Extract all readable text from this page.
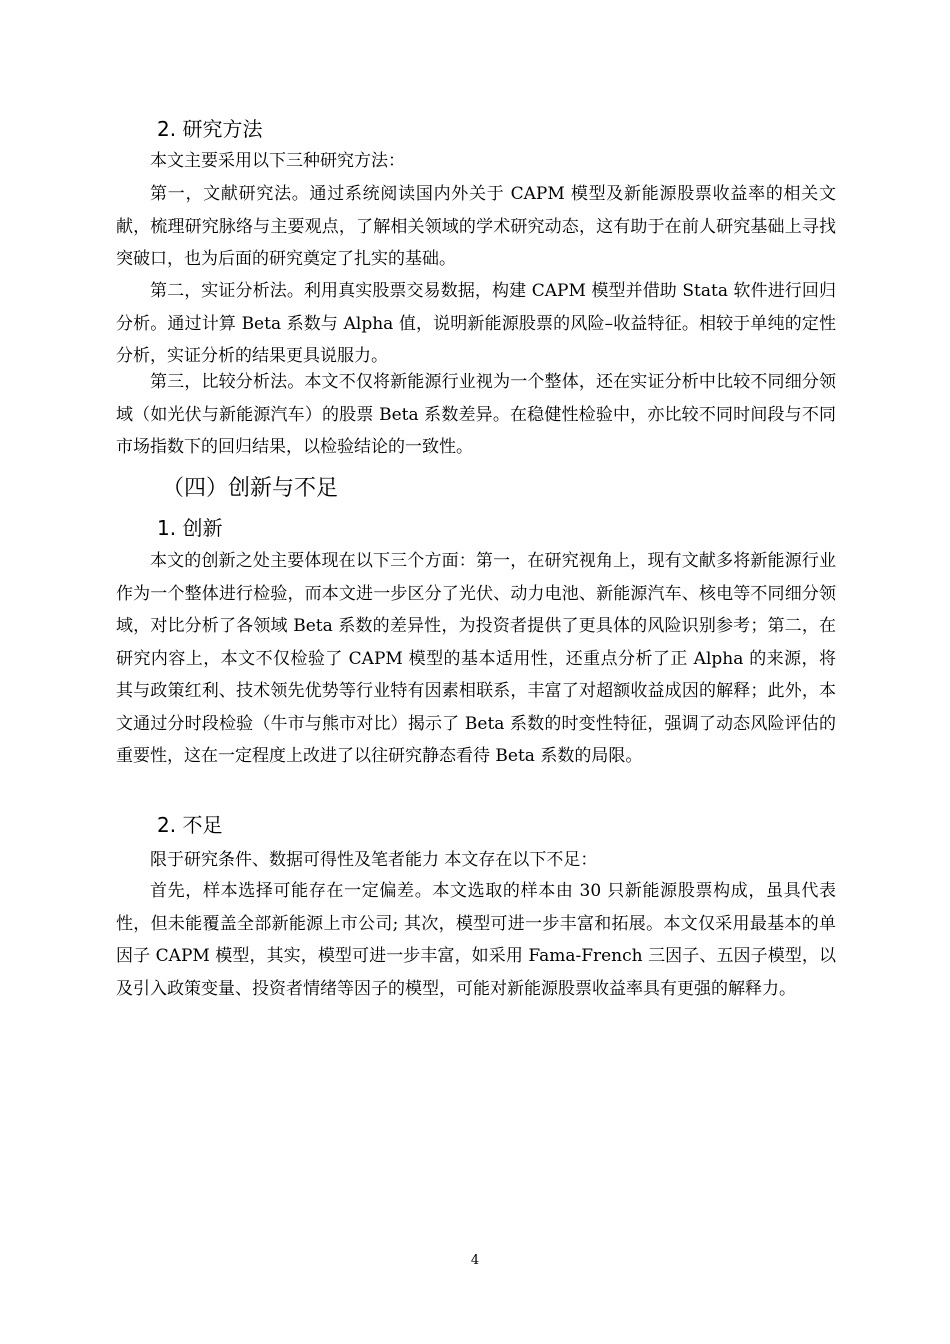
2. 研究方法

本文主要采用以下三种研究方法：

第一，文献研究法。通过系统阅读国内外关于 CAPM 模型及新能源股票收益率的相关文献，梳理研究脉络与主要观点，了解相关领域的学术研究动态，这有助于在前人研究基础上寻找突破口，也为后面的研究奠定了扎实的基础。

第二，实证分析法。利用真实股票交易数据，构建 CAPM 模型并借助 Stata 软件进行回归分析。通过计算 Beta 系数与 Alpha 值，说明新能源股票的风险–收益特征。相较于单纯的定性分析，实证分析的结果更具说服力。

第三，比较分析法。本文不仅将新能源行业视为一个整体，还在实证分析中比较不同细分领域（如光伏与新能源汽车）的股票 Beta 系数差异。在稳健性检验中，亦比较不同时间段与不同市场指数下的回归结果，以检验结论的一致性。

（四）创新与不足
1. 创新

本文的创新之处主要体现在以下三个方面：第一，在研究视角上，现有文献多将新能源行业作为一个整体进行检验，而本文进一步区分了光伏、动力电池、新能源汽车、核电等不同细分领域，对比分析了各领域 Beta 系数的差异性，为投资者提供了更具体的风险识别参考；第二，在研究内容上，本文不仅检验了 CAPM 模型的基本适用性，还重点分析了正 Alpha 的来源，将其与政策红利、技术领先优势等行业特有因素相联系，丰富了对超额收益成因的解释；此外，本文通过分时段检验（牛市与熊市对比）揭示了 Beta 系数的时变性特征，强调了动态风险评估的重要性，这在一定程度上改进了以往研究静态看待 Beta 系数的局限。

2. 不足

限于研究条件、数据可得性及笔者能力 本文存在以下不足：

首先，样本选择可能存在一定偏差。本文选取的样本由 30 只新能源股票构成，虽具代表性，但未能覆盖全部新能源上市公司; 其次，模型可进一步丰富和拓展。本文仅采用最基本的单因子 CAPM 模型，其实，模型可进一步丰富，如采用 Fama-French 三因子、五因子模型，以及引入政策变量、投资者情绪等因子的模型，可能对新能源股票收益率具有更强的解释力。

4
